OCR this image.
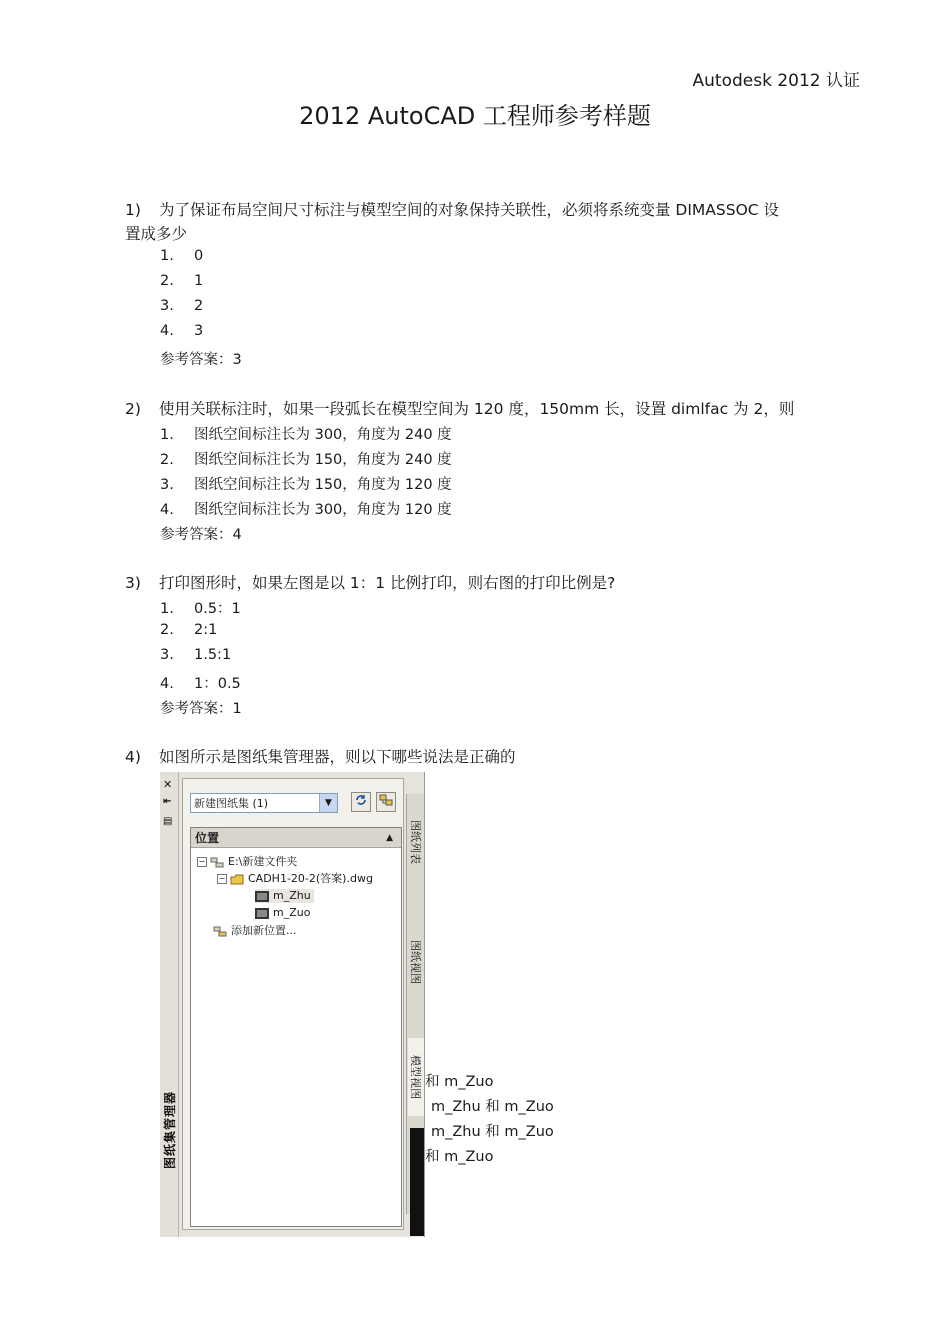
Autodesk 2012 认证
2012 AutoCAD 工程师参考样题
1) 为了保证布局空间尺寸标注与模型空间的对象保持关联性，必须将系统变量 DIMASSOC 设
置成多少
1. 0
2. 1
3. 2
4. 3
参考答案：3
2) 使用关联标注时，如果一段弧长在模型空间为 120 度，150mm 长，设置 dimlfac 为 2，则
1. 图纸空间标注长为 300，角度为 240 度
2. 图纸空间标注长为 150，角度为 240 度
3. 图纸空间标注长为 150，角度为 120 度
4. 图纸空间标注长为 300，角度为 120 度
参考答案：4
3) 打印图形时，如果左图是以 1：1 比例打印，则右图的打印比例是?
1. 0.5：1
2. 2:1
3. 1.5:1
4. 1：0.5
参考答案：1
4) 如图所示是图纸集管理器，则以下哪些说法是正确的
和 m_Zuo
m_Zhu 和 m_Zuo
m_Zhu 和 m_Zuo
和 m_Zuo
✕
⇤
▤
图纸集管理器
新建图纸集 (1)	▼
位置	▲
− E:\新建文件夹
− CADH1-20-2(答案).dwg
m_Zhu
m_Zuo
添加新位置...
图纸列表
图纸视图
模型视图
